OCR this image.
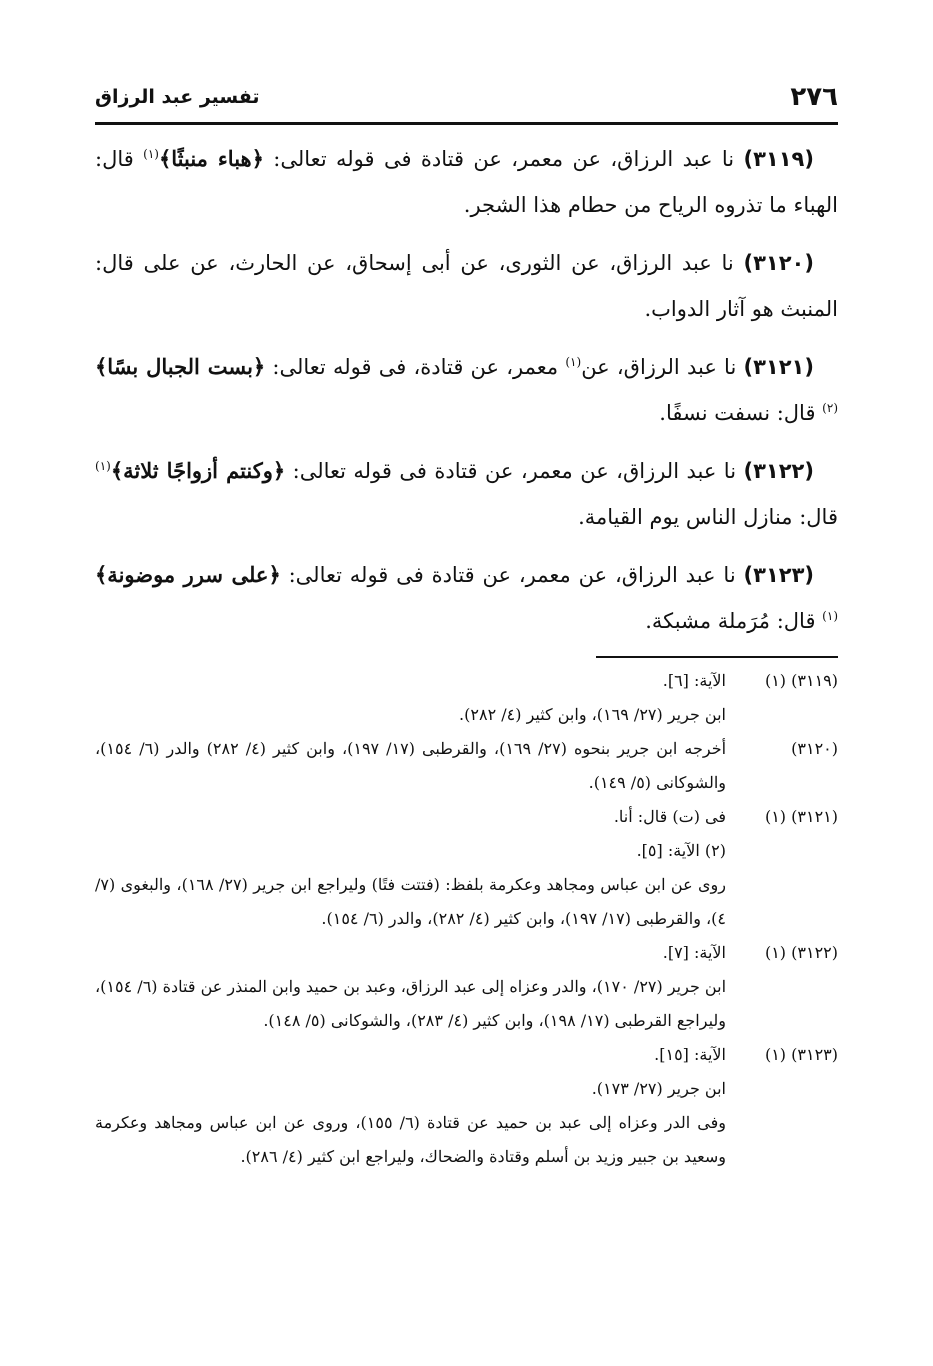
٢٧٦
تفسير عبد الرزاق

(٣١١٩) نا عبد الرزاق، عن معمر، عن قتادة فى قوله تعالى: ﴿هباء منبثًا﴾$^{(١)}$ قال: الهباء ما تذروه الرياح من حطام هذا الشجر.

(٣١٢٠) نا عبد الرزاق، عن الثورى، عن أبى إسحاق، عن الحارث، عن على قال: المنبث هو آثار الدواب.

(٣١٢١) نا عبد الرزاق، عن$^{(١)}$ معمر، عن قتادة، فى قوله تعالى: ﴿بست الجبال بسًا﴾$^{(٢)}$ قال: نسفت نسفًا.

(٣١٢٢) نا عبد الرزاق، عن معمر، عن قتادة فى قوله تعالى: ﴿وكنتم أزواجًا ثلاثة﴾$^{(١)}$ قال: منازل الناس يوم القيامة.

(٣١٢٣) نا عبد الرزاق، عن معمر، عن قتادة فى قوله تعالى: ﴿على سرر موضونة﴾$^{(١)}$ قال: مُرَملة مشبكة.

(٣١١٩) (١)
الآية: [٦].
ابن جرير (٢٧/ ١٦٩)، وابن كثير (٤/ ٢٨٢).
(٣١٢٠)
أخرجه ابن جرير بنحوه (٢٧/ ١٦٩)، والقرطبى (١٧/ ١٩٧)، وابن كثير (٤/ ٢٨٢) والدر (٦/ ١٥٤)، والشوكانى (٥/ ١٤٩).
(٣١٢١) (١)
فى (ت) قال: أنا.
(٢) الآية: [٥].
روى عن ابن عباس ومجاهد وعكرمة بلفظ: (فتتت فتًا) وليراجع ابن جرير (٢٧/ ١٦٨)، والبغوى (٧/ ٤)، والقرطبى (١٧/ ١٩٧)، وابن كثير (٤/ ٢٨٢)، والدر (٦/ ١٥٤).
(٣١٢٢) (١)
الآية: [٧].
ابن جرير (٢٧/ ١٧٠)، والدر وعزاه إلى عبد الرزاق، وعبد بن حميد وابن المنذر عن قتادة (٦/ ١٥٤)، وليراجع القرطبى (١٧/ ١٩٨)، وابن كثير (٤/ ٢٨٣)، والشوكانى (٥/ ١٤٨).
(٣١٢٣) (١)
الآية: [١٥].
ابن جرير (٢٧/ ١٧٣).
وفى الدر وعزاه إلى عبد بن حميد عن قتادة (٦/ ١٥٥)، وروى عن ابن عباس ومجاهد وعكرمة وسعيد بن جبير وزيد بن أسلم وقتادة والضحاك، وليراجع ابن كثير (٤/ ٢٨٦).
